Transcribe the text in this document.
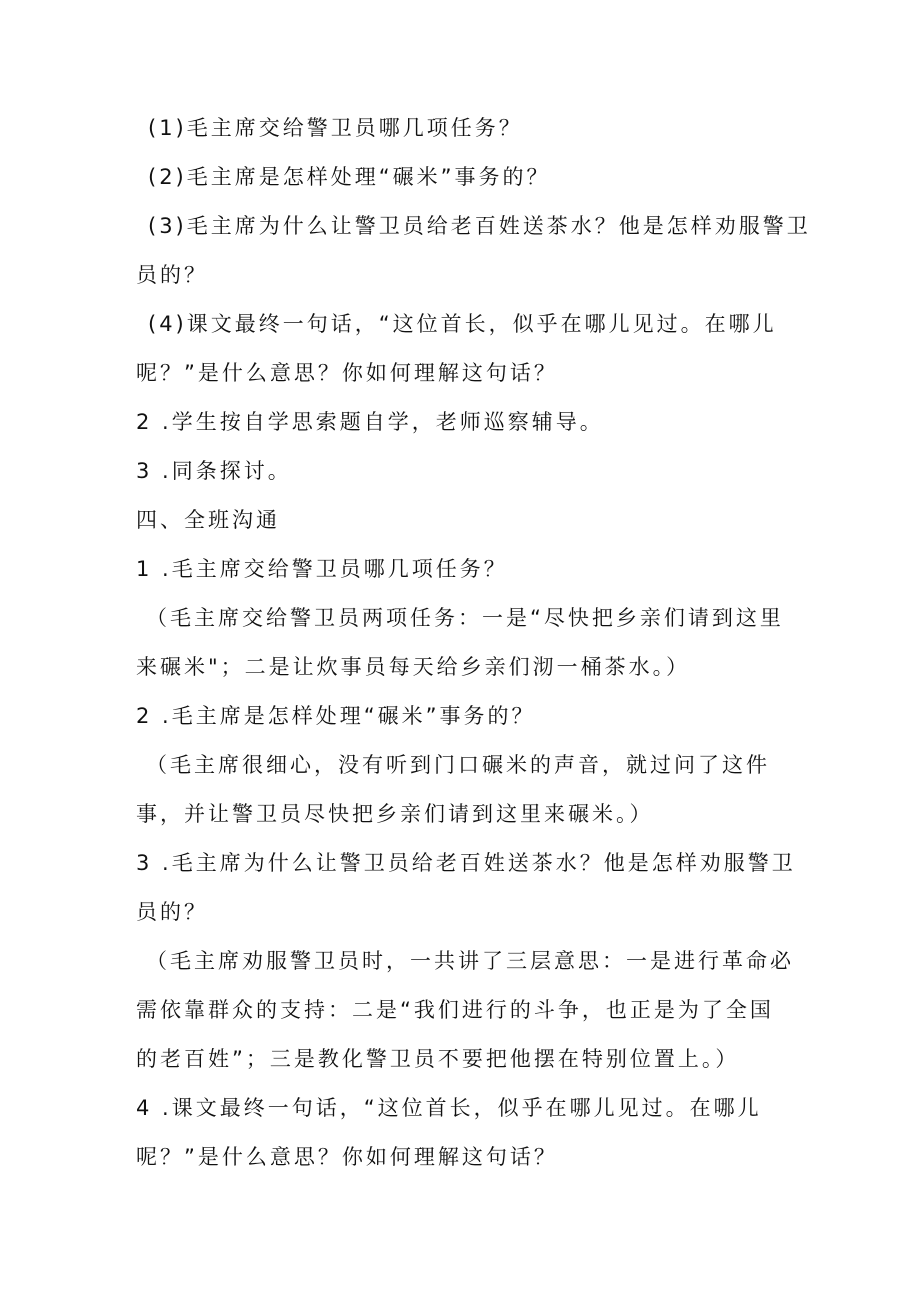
(1)毛主席交给警卫员哪几项任务？
(2)毛主席是怎样处理“碾米”事务的？
(3)毛主席为什么让警卫员给老百姓送茶水？他是怎样劝服警卫
员的？
(4)课文最终一句话，“这位首长，似乎在哪儿见过。在哪儿
呢？”是什么意思？你如何理解这句话？
2 .学生按自学思索题自学，老师巡察辅导。
3 .同条探讨。
四、全班沟通
1 .毛主席交给警卫员哪几项任务？
（毛主席交给警卫员两项任务：一是“尽快把乡亲们请到这里
来碾米"；二是让炊事员每天给乡亲们沏一桶茶水。）
2 .毛主席是怎样处理“碾米”事务的？
（毛主席很细心，没有听到门口碾米的声音，就过问了这件
事，并让警卫员尽快把乡亲们请到这里来碾米。）
3 .毛主席为什么让警卫员给老百姓送茶水？他是怎样劝服警卫
员的？
（毛主席劝服警卫员时，一共讲了三层意思：一是进行革命必
需依靠群众的支持：二是“我们进行的斗争，也正是为了全国
的老百姓”；三是教化警卫员不要把他摆在特别位置上。）
4 .课文最终一句话，“这位首长，似乎在哪儿见过。在哪儿
呢？”是什么意思？你如何理解这句话？
